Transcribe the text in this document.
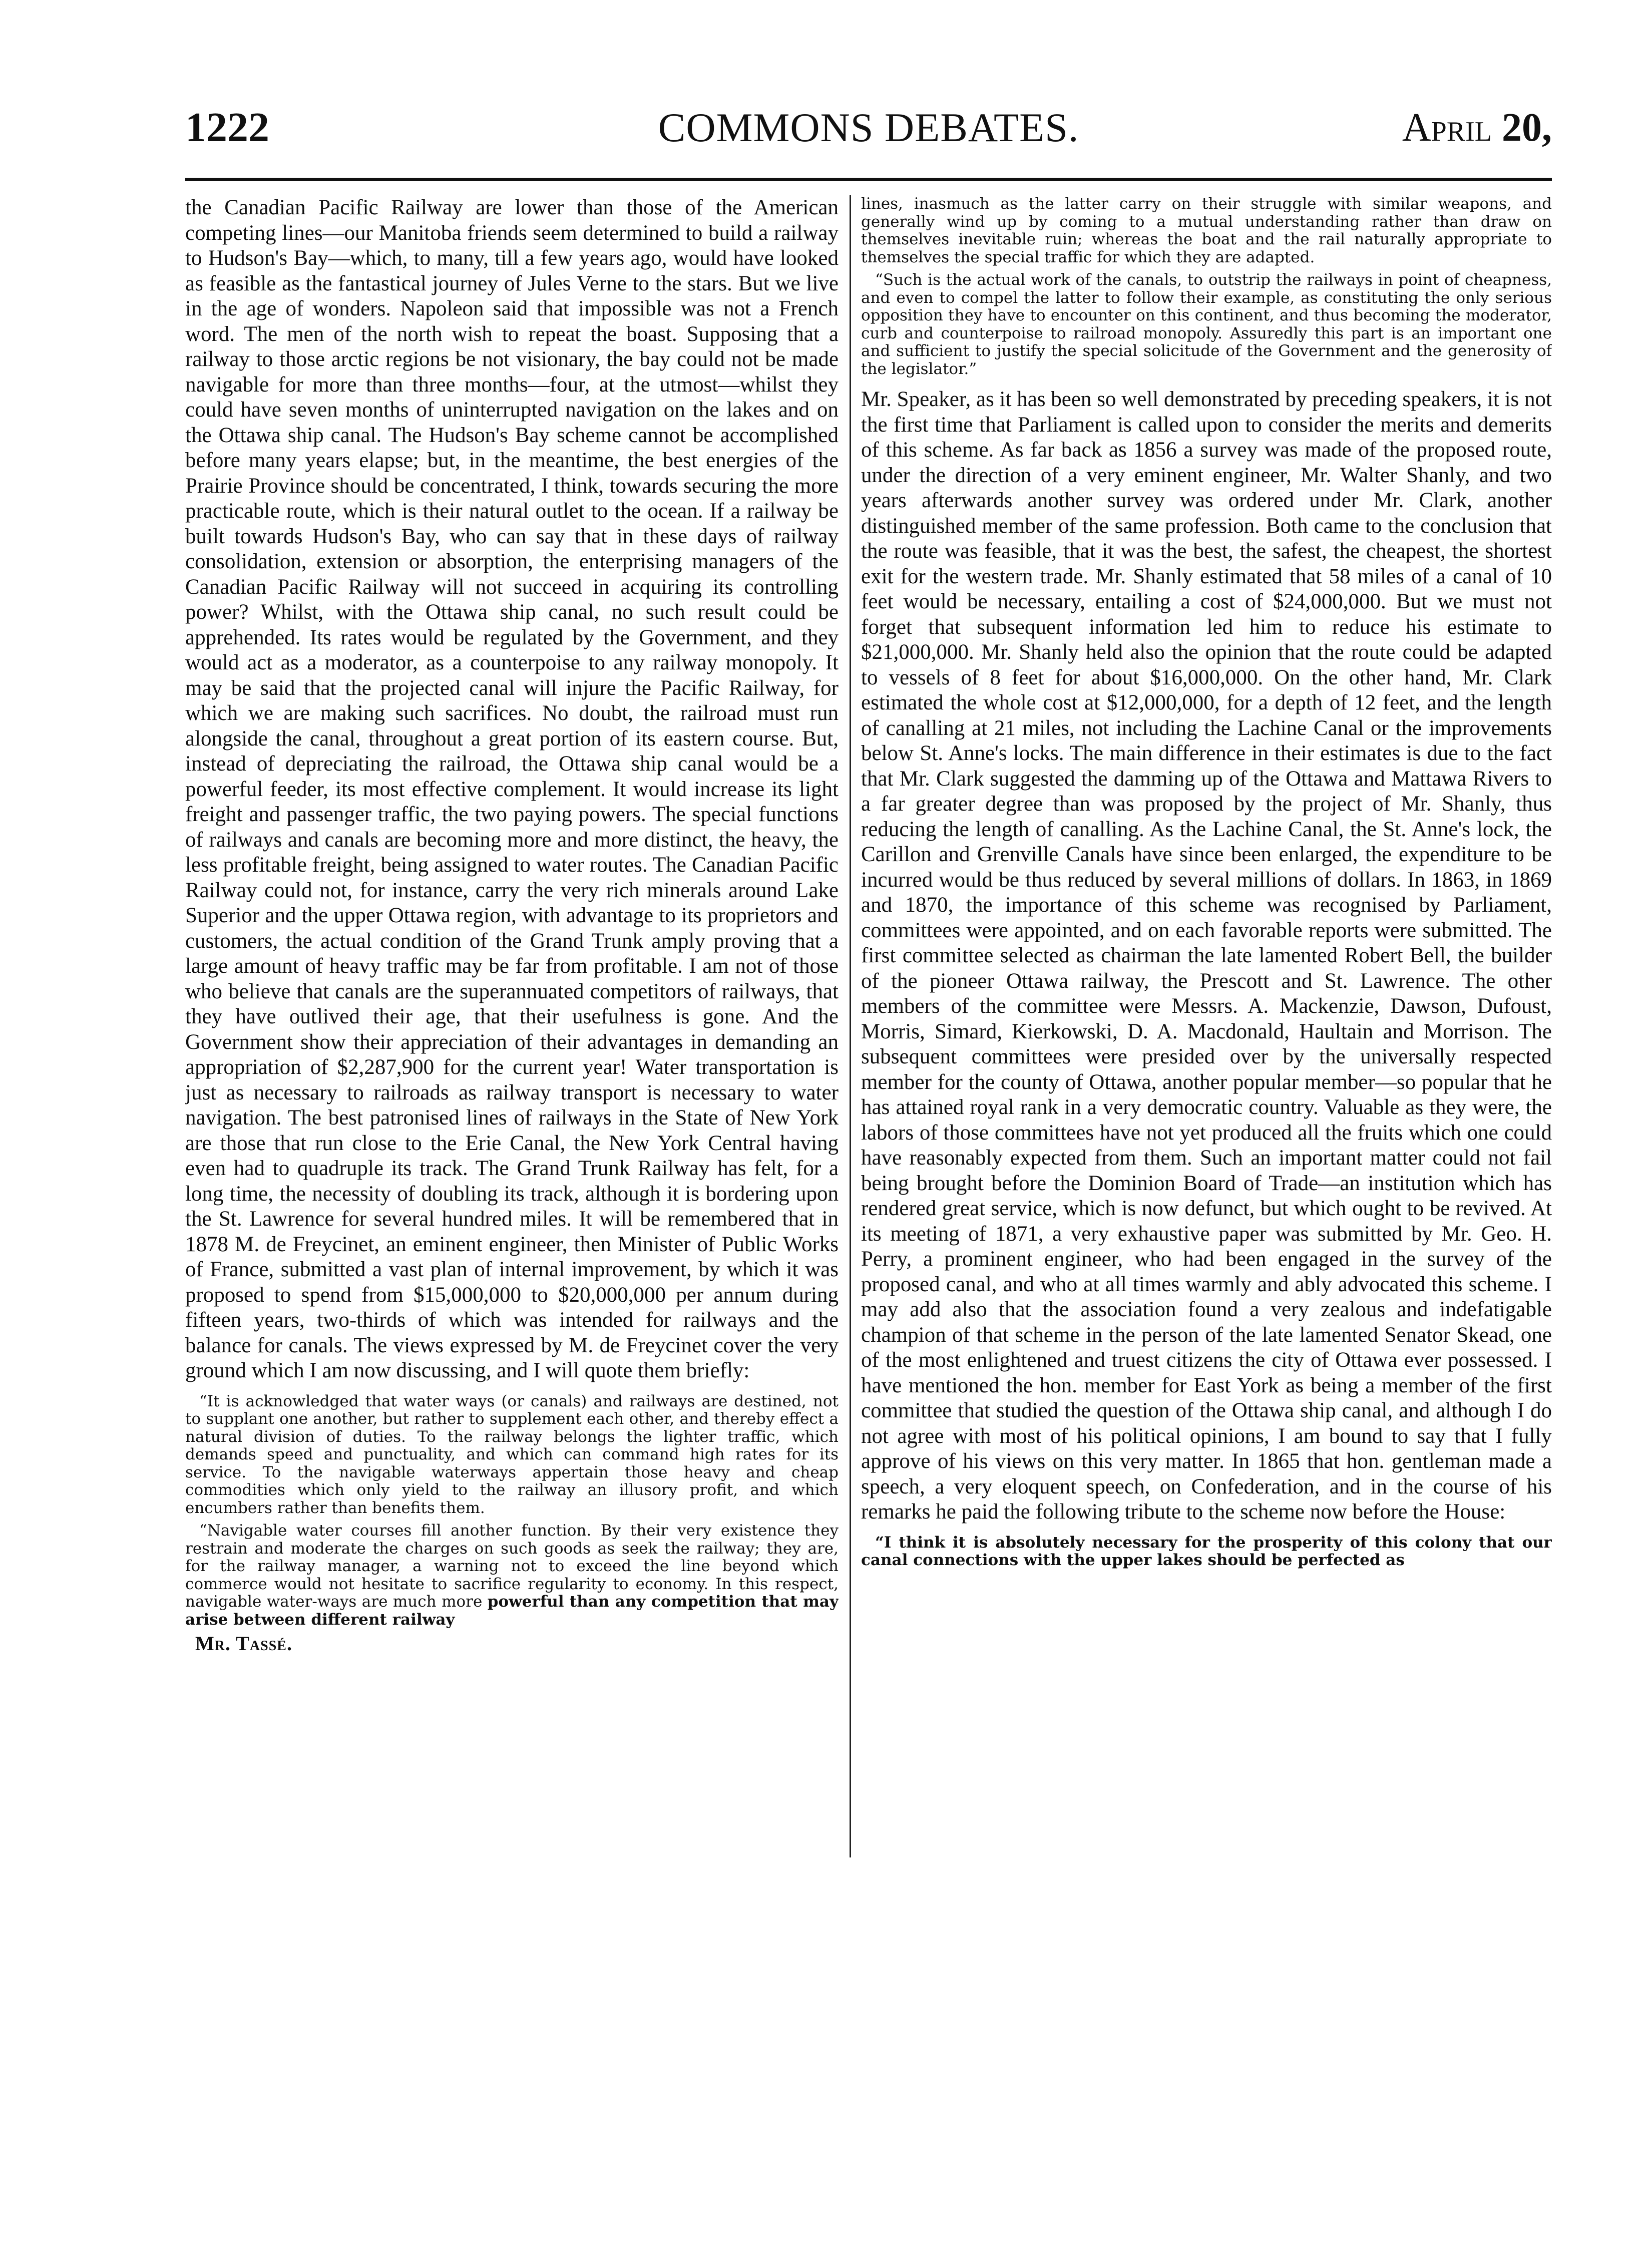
1222	COMMONS DEBATES.	April 20,

the Canadian Pacific Railway are lower than those of the American competing lines—our Manitoba friends seem determined to build a railway to Hudson's Bay—which, to many, till a few years ago, would have looked as feasible as the fantastical journey of Jules Verne to the stars. But we live in the age of wonders. Napoleon said that impossible was not a French word. The men of the north wish to repeat the boast. Supposing that a railway to those arctic regions be not visionary, the bay could not be made navigable for more than three months—four, at the utmost—whilst they could have seven months of uninterrupted navigation on the lakes and on the Ottawa ship canal. The Hudson's Bay scheme cannot be accomplished before many years elapse; but, in the meantime, the best energies of the Prairie Province should be concentrated, I think, towards securing the more practicable route, which is their natural outlet to the ocean. If a railway be built towards Hudson's Bay, who can say that in these days of railway consolidation, extension or absorption, the enterprising managers of the Canadian Pacific Railway will not succeed in acquiring its controlling power? Whilst, with the Ottawa ship canal, no such result could be apprehended. Its rates would be regulated by the Government, and they would act as a moderator, as a counterpoise to any railway monopoly. It may be said that the projected canal will injure the Pacific Railway, for which we are making such sacrifices. No doubt, the railroad must run alongside the canal, throughout a great portion of its eastern course. But, instead of depreciating the railroad, the Ottawa ship canal would be a powerful feeder, its most effective complement. It would increase its light freight and passenger traffic, the two paying powers. The special functions of railways and canals are becoming more and more distinct, the heavy, the less profitable freight, being assigned to water routes. The Canadian Pacific Railway could not, for instance, carry the very rich minerals around Lake Superior and the upper Ottawa region, with advantage to its proprietors and customers, the actual condition of the Grand Trunk amply proving that a large amount of heavy traffic may be far from profitable. I am not of those who believe that canals are the superannuated competitors of railways, that they have outlived their age, that their usefulness is gone. And the Government show their appreciation of their advantages in demanding an appropriation of $2,287,900 for the current year! Water transportation is just as necessary to railroads as railway transport is necessary to water navigation. The best patronised lines of railways in the State of New York are those that run close to the Erie Canal, the New York Central having even had to quadruple its track. The Grand Trunk Railway has felt, for a long time, the necessity of doubling its track, although it is bordering upon the St. Lawrence for several hundred miles. It will be remembered that in 1878 M. de Freycinet, an eminent engineer, then Minister of Public Works of France, submitted a vast plan of internal improvement, by which it was proposed to spend from $15,000,000 to $20,000,000 per annum during fifteen years, two-thirds of which was intended for railways and the balance for canals. The views expressed by M. de Freycinet cover the very ground which I am now discussing, and I will quote them briefly:

“It is acknowledged that water ways (or canals) and railways are destined, not to supplant one another, but rather to supplement each other, and thereby effect a natural division of duties. To the railway belongs the lighter traffic, which demands speed and punctuality, and which can command high rates for its service. To the navigable waterways appertain those heavy and cheap commodities which only yield to the railway an illusory profit, and which encumbers rather than benefits them.

“Navigable water courses fill another function. By their very existence they restrain and moderate the charges on such goods as seek the railway; they are, for the railway manager, a warning not to exceed the line beyond which commerce would not hesitate to sacrifice regularity to economy. In this respect, navigable water-ways are much more powerful than any competition that may arise between different railway

Mr. Tassé.

lines, inasmuch as the latter carry on their struggle with similar weapons, and generally wind up by coming to a mutual understanding rather than draw on themselves inevitable ruin; whereas the boat and the rail naturally appropriate to themselves the special traffic for which they are adapted.

“Such is the actual work of the canals, to outstrip the railways in point of cheapness, and even to compel the latter to follow their example, as constituting the only serious opposition they have to encounter on this continent, and thus becoming the moderator, curb and counterpoise to railroad monopoly. Assuredly this part is an important one and sufficient to justify the special solicitude of the Government and the generosity of the legislator.”

Mr. Speaker, as it has been so well demonstrated by preceding speakers, it is not the first time that Parliament is called upon to consider the merits and demerits of this scheme. As far back as 1856 a survey was made of the proposed route, under the direction of a very eminent engineer, Mr. Walter Shanly, and two years afterwards another survey was ordered under Mr. Clark, another distinguished member of the same profession. Both came to the conclusion that the route was feasible, that it was the best, the safest, the cheapest, the shortest exit for the western trade. Mr. Shanly estimated that 58 miles of a canal of 10 feet would be necessary, entailing a cost of $24,000,000. But we must not forget that subsequent information led him to reduce his estimate to $21,000,000. Mr. Shanly held also the opinion that the route could be adapted to vessels of 8 feet for about $16,000,000. On the other hand, Mr. Clark estimated the whole cost at $12,000,000, for a depth of 12 feet, and the length of canalling at 21 miles, not including the Lachine Canal or the improvements below St. Anne's locks. The main difference in their estimates is due to the fact that Mr. Clark suggested the damming up of the Ottawa and Mattawa Rivers to a far greater degree than was proposed by the project of Mr. Shanly, thus reducing the length of canalling. As the Lachine Canal, the St. Anne's lock, the Carillon and Grenville Canals have since been enlarged, the expenditure to be incurred would be thus reduced by several millions of dollars. In 1863, in 1869 and 1870, the importance of this scheme was recognised by Parliament, committees were appointed, and on each favorable reports were submitted. The first committee selected as chairman the late lamented Robert Bell, the builder of the pioneer Ottawa railway, the Prescott and St. Lawrence. The other members of the committee were Messrs. A. Mackenzie, Dawson, Dufoust, Morris, Simard, Kierkowski, D. A. Macdonald, Haultain and Morrison. The subsequent committees were presided over by the universally respected member for the county of Ottawa, another popular member—so popular that he has attained royal rank in a very democratic country. Valuable as they were, the labors of those committees have not yet produced all the fruits which one could have reasonably expected from them. Such an important matter could not fail being brought before the Dominion Board of Trade—an institution which has rendered great service, which is now defunct, but which ought to be revived. At its meeting of 1871, a very exhaustive paper was submitted by Mr. Geo. H. Perry, a prominent engineer, who had been engaged in the survey of the proposed canal, and who at all times warmly and ably advocated this scheme. I may add also that the association found a very zealous and indefatigable champion of that scheme in the person of the late lamented Senator Skead, one of the most enlightened and truest citizens the city of Ottawa ever possessed. I have mentioned the hon. member for East York as being a member of the first committee that studied the question of the Ottawa ship canal, and although I do not agree with most of his political opinions, I am bound to say that I fully approve of his views on this very matter. In 1865 that hon. gentleman made a speech, a very eloquent speech, on Confederation, and in the course of his remarks he paid the following tribute to the scheme now before the House:

“I think it is absolutely necessary for the prosperity of this colony that our canal connections with the upper lakes should be perfected as
